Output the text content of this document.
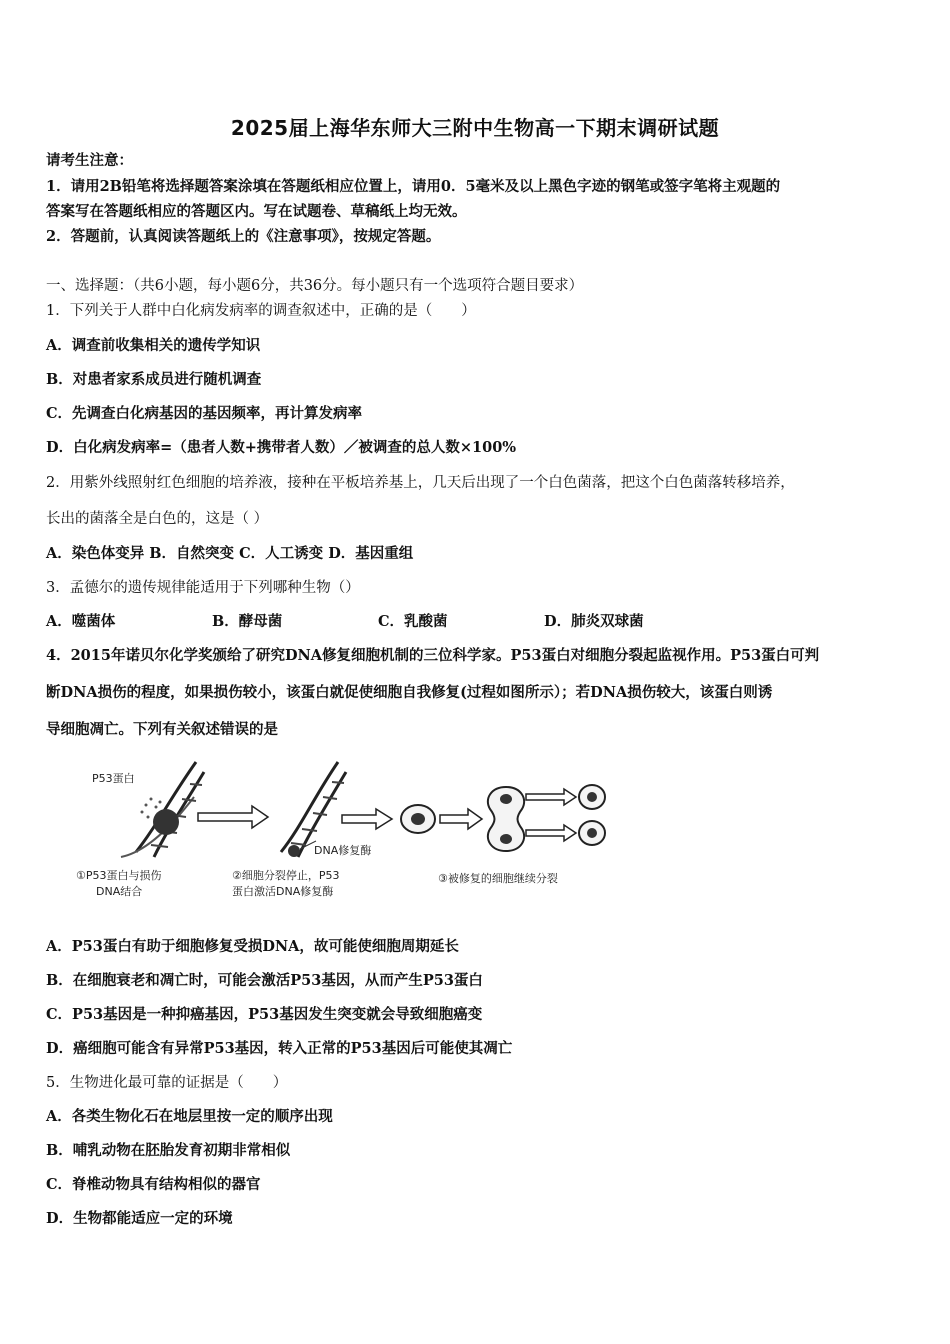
2025届上海华东师大三附中生物高一下期末调研试题
请考生注意：
1．请用2B铅笔将选择题答案涂填在答题纸相应位置上，请用0．5毫米及以上黑色字迹的钢笔或签字笔将主观题的
答案写在答题纸相应的答题区内。写在试题卷、草稿纸上均无效。
2．答题前，认真阅读答题纸上的《注意事项》，按规定答题。
一、选择题：（共6小题，每小题6分，共36分。每小题只有一个选项符合题目要求）
1．下列关于人群中白化病发病率的调查叙述中，正确的是（　　）
A．调查前收集相关的遗传学知识
B．对患者家系成员进行随机调查
C．先调查白化病基因的基因频率，再计算发病率
D．白化病发病率=（患者人数+携带者人数）／被调查的总人数×100%
2．用紫外线照射红色细胞的培养液，接种在平板培养基上，几天后出现了一个白色菌落，把这个白色菌落转移培养，
长出的菌落全是白色的，这是（ ）
A．染色体变异 B．自然突变 C．人工诱变 D．基因重组
3．孟德尔的遗传规律能适用于下列哪种生物（）
A．噬菌体	B．酵母菌	C．乳酸菌	D．肺炎双球菌
4．2015年诺贝尔化学奖颁给了研究DNA修复细胞机制的三位科学家。P53蛋白对细胞分裂起监视作用。P53蛋白可判
断DNA损伤的程度，如果损伤较小，该蛋白就促使细胞自我修复(过程如图所示）；若DNA损伤较大，该蛋白则诱
导细胞凋亡。下列有关叙述错误的是
P53蛋白
DNA修复酶
①P53蛋白与损伤
DNA结合
②细胞分裂停止，P53
蛋白激活DNA修复酶
③被修复的细胞继续分裂
A．P53蛋白有助于细胞修复受损DNA，故可能使细胞周期延长
B．在细胞衰老和凋亡时，可能会激活P53基因，从而产生P53蛋白
C．P53基因是一种抑癌基因，P53基因发生突变就会导致细胞癌变
D．癌细胞可能含有异常P53基因，转入正常的P53基因后可能使其凋亡
5．生物进化最可靠的证据是（　　）
A．各类生物化石在地层里按一定的顺序出现
B．哺乳动物在胚胎发育初期非常相似
C．脊椎动物具有结构相似的器官
D．生物都能适应一定的环境
